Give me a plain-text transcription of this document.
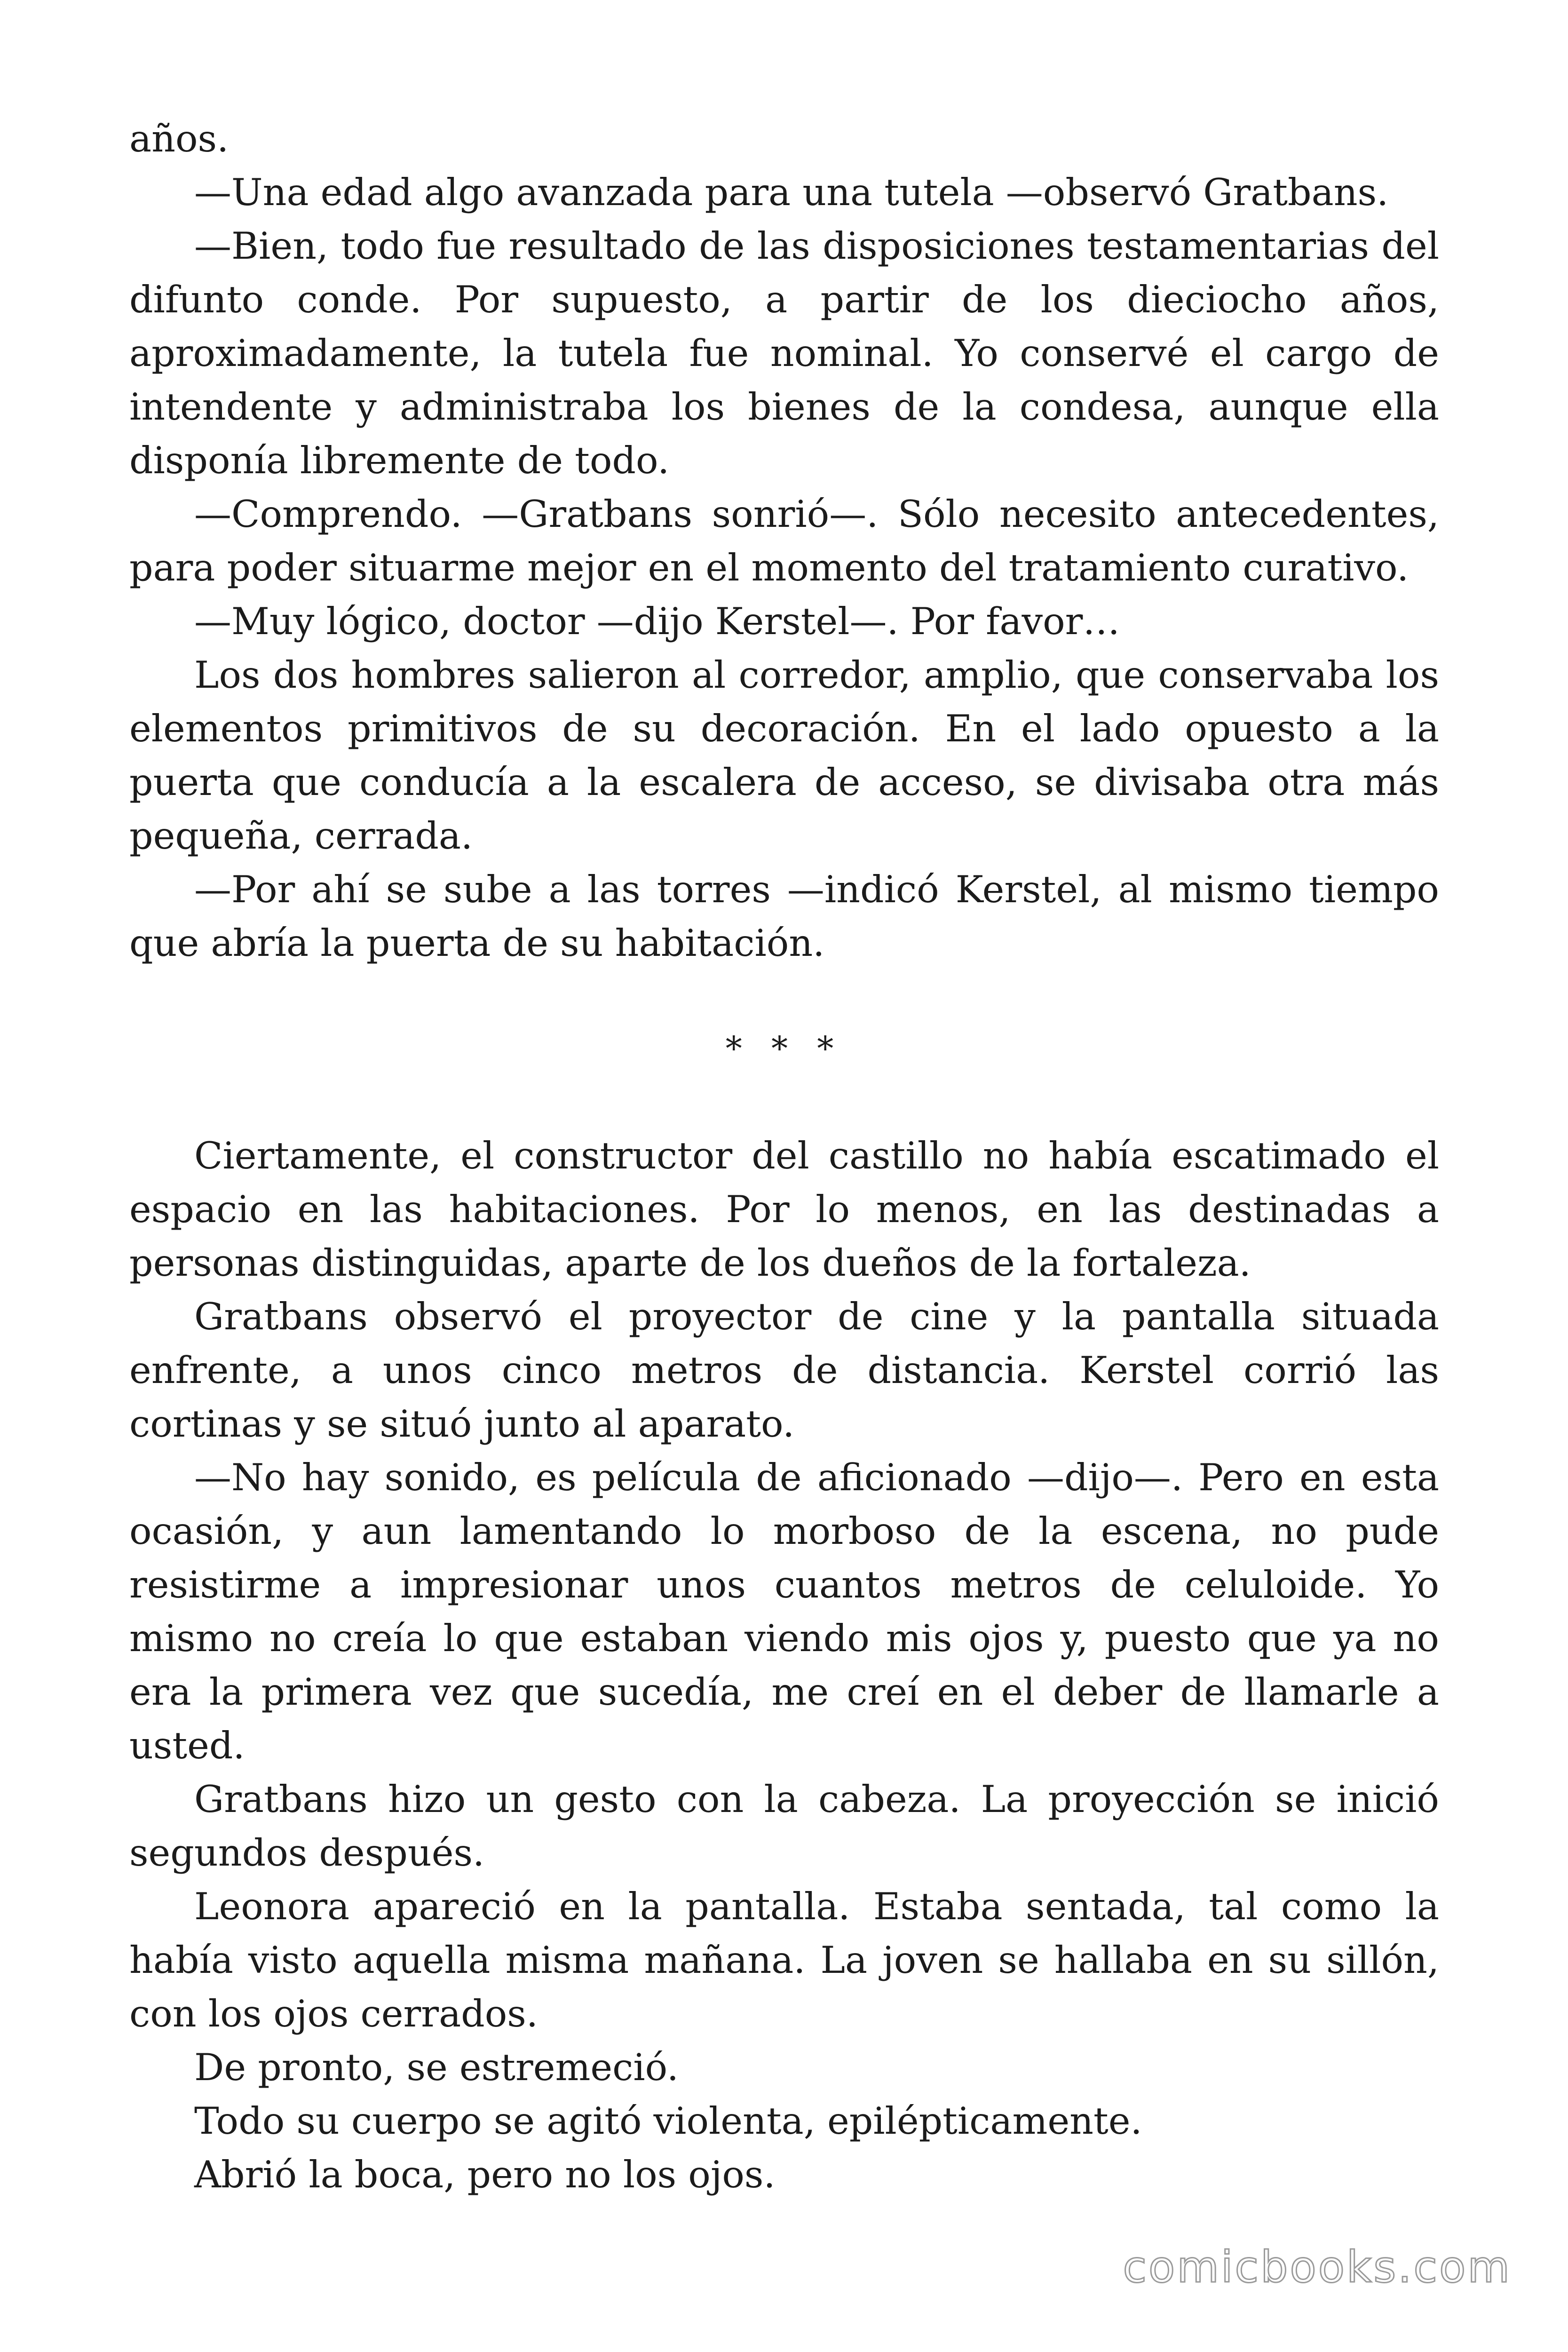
años.

—Una edad algo avanzada para una tutela —observó Gratbans.

—Bien, todo fue resultado de las disposiciones testamentarias del difunto conde. Por supuesto, a partir de los dieciocho años, aproximadamente, la tutela fue nominal. Yo conservé el cargo de intendente y administraba los bienes de la condesa, aunque ella disponía libremente de todo.

—Comprendo. —Gratbans sonrió—. Sólo necesito antecedentes, para poder situarme mejor en el momento del tratamiento curativo.

—Muy lógico, doctor —dijo Kerstel—. Por favor…

Los dos hombres salieron al corredor, amplio, que conservaba los elementos primitivos de su decoración. En el lado opuesto a la puerta que conducía a la escalera de acceso, se divisaba otra más pequeña, cerrada.

—Por ahí se sube a las torres —indicó Kerstel, al mismo tiempo que abría la puerta de su habitación.

* * *

Ciertamente, el constructor del castillo no había escatimado el espacio en las habitaciones. Por lo menos, en las destinadas a personas distinguidas, aparte de los dueños de la fortaleza.

Gratbans observó el proyector de cine y la pantalla situada enfrente, a unos cinco metros de distancia. Kerstel corrió las cortinas y se situó junto al aparato.

—No hay sonido, es película de aficionado —dijo—. Pero en esta ocasión, y aun lamentando lo morboso de la escena, no pude resistirme a impresionar unos cuantos metros de celuloide. Yo mismo no creía lo que estaban viendo mis ojos y, puesto que ya no era la primera vez que sucedía, me creí en el deber de llamarle a usted.

Gratbans hizo un gesto con la cabeza. La proyección se inició segundos después.

Leonora apareció en la pantalla. Estaba sentada, tal como la había visto aquella misma mañana. La joven se hallaba en su sillón, con los ojos cerrados.

De pronto, se estremeció.

Todo su cuerpo se agitó violenta, epilépticamente.

Abrió la boca, pero no los ojos.

comicbooks.com
